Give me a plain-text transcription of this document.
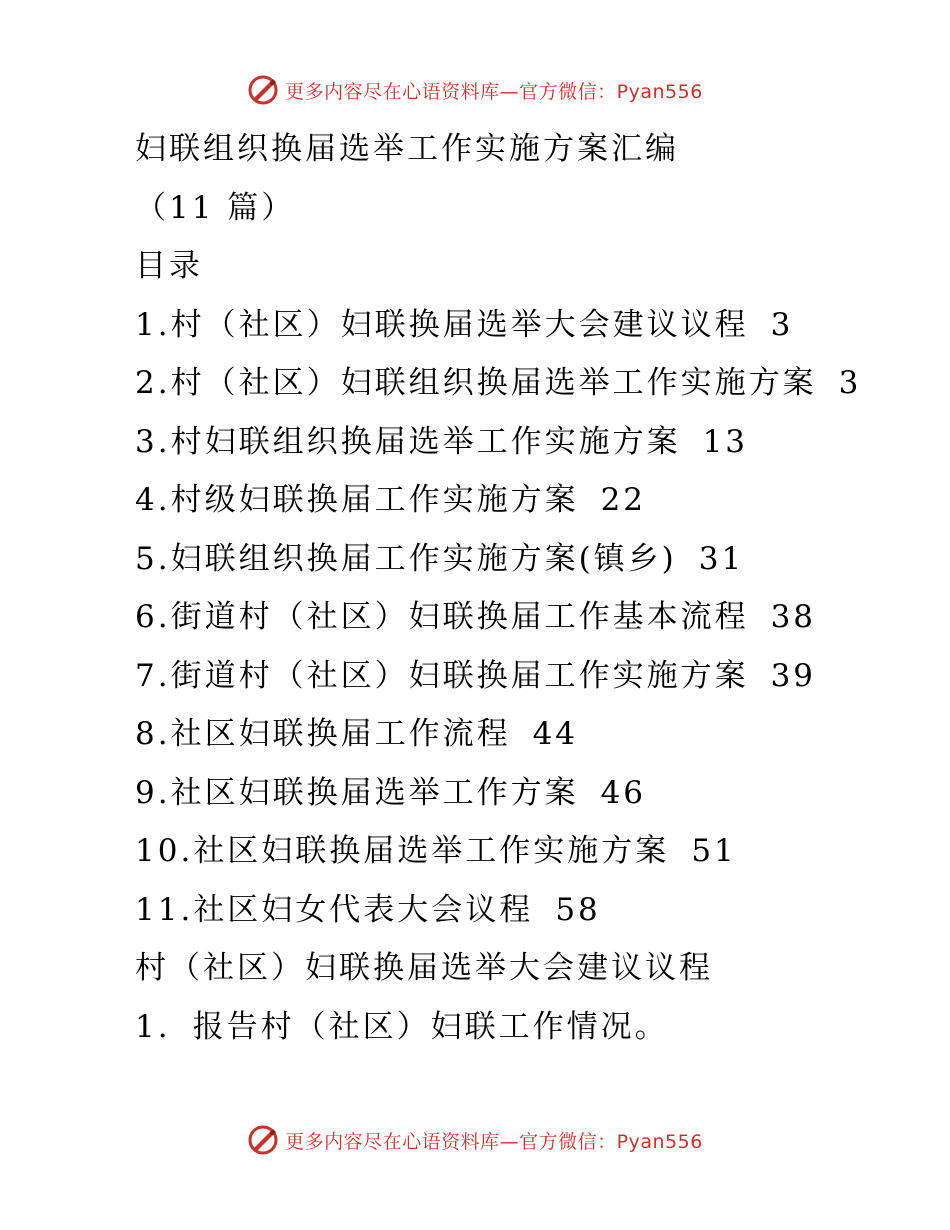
更多内容尽在心语资料库—官方微信：Pyan556
妇联组织换届选举工作实施方案汇编
（11 篇）
目录
1. 村（社区）妇联换届选举大会建议议程 3
2. 村（社区）妇联组织换届选举工作实施方案 3
3. 村妇联组织换届选举工作实施方案 13
4. 村级妇联换届工作实施方案 22
5. 妇联组织换届工作实施方案(镇乡) 31
6. 街道村（社区）妇联换届工作基本流程 38
7. 街道村（社区）妇联换届工作实施方案 39
8. 社区妇联换届工作流程 44
9. 社区妇联换届选举工作方案 46
10. 社区妇联换届选举工作实施方案 51
11. 社区妇女代表大会议程 58
村（社区）妇联换届选举大会建议议程
1. 报告村（社区）妇联工作情况。
更多内容尽在心语资料库—官方微信：Pyan556
